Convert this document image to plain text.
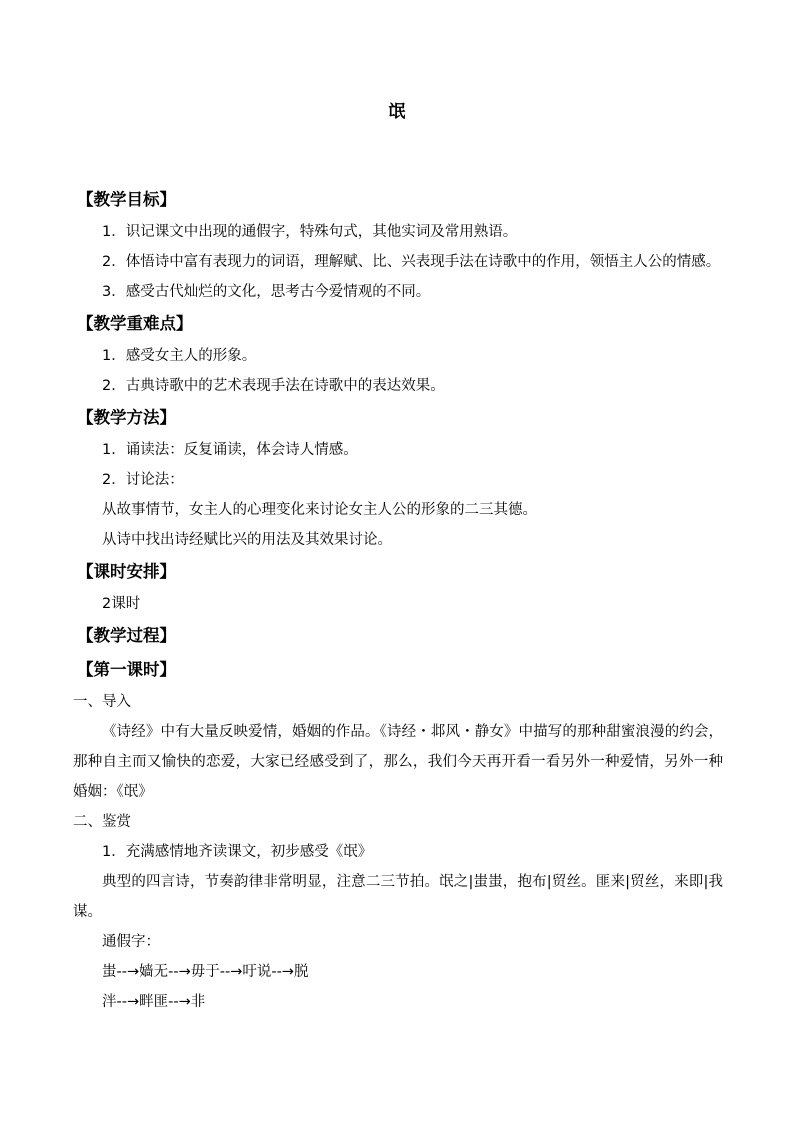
氓
【教学目标】
1．识记课文中出现的通假字，特殊句式，其他实词及常用熟语。
2．体悟诗中富有表现力的词语，理解赋、比、兴表现手法在诗歌中的作用，领悟主人公的情感。
3．感受古代灿烂的文化，思考古今爱情观的不同。
【教学重难点】
1．感受女主人的形象。
2．古典诗歌中的艺术表现手法在诗歌中的表达效果。
【教学方法】
1．诵读法：反复诵读，体会诗人情感。
2．讨论法：
从故事情节，女主人的心理变化来讨论女主人公的形象的二三其德。
从诗中找出诗经赋比兴的用法及其效果讨论。
【课时安排】
2课时
【教学过程】
【第一课时】
一、导入
《诗经》中有大量反映爱情，婚姻的作品。《诗经・邶风・静女》中描写的那种甜蜜浪漫的约会，那种自主而又愉快的恋爱，大家已经感受到了，那么，我们今天再开看一看另外一种爱情，另外一种婚姻：《氓》
二、鉴赏
1．充满感情地齐读课文，初步感受《氓》
典型的四言诗，节奏韵律非常明显，注意二三节拍。氓之|蚩蚩，抱布|贸丝。匪来|贸丝，来即|我谋。
通假字：
蚩--→嫱无--→毋于--→吁说--→脱
泮--→畔匪--→非
